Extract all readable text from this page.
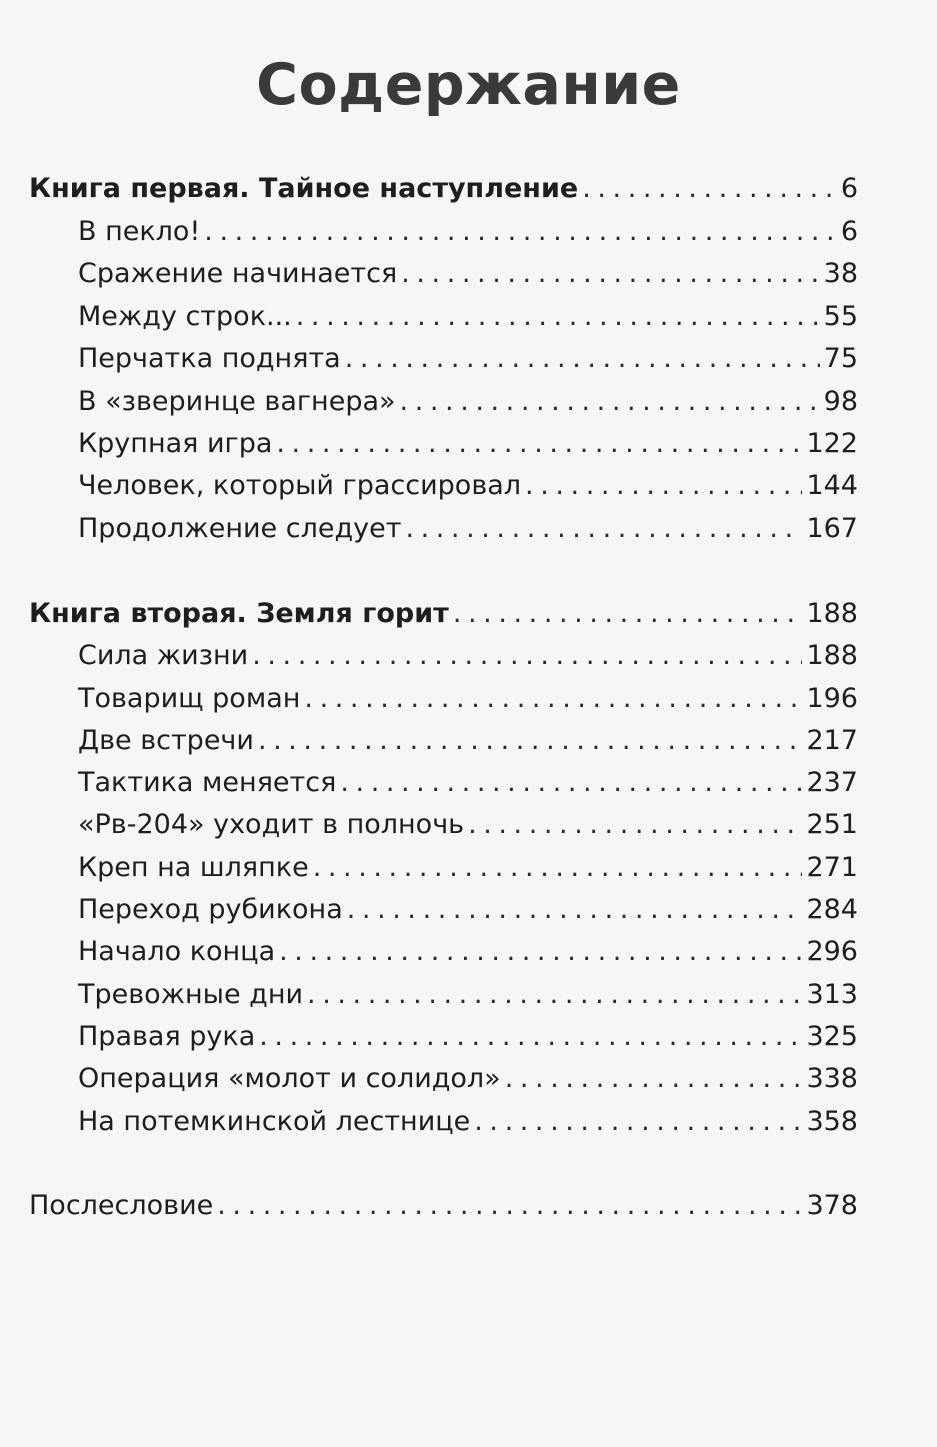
Содержание
Книга первая. Тайное наступление . . .	6
В пекло! . . .	6
Сражение начинается . . .	38
Между строк... . . .	55
Перчатка поднята . . .	75
В «зверинце вагнера» . . .	98
Крупная игра . . .	122
Человек, который грассировал . . .	144
Продолжение следует . . .	167
Книга вторая. Земля горит . . .	188
Сила жизни . . .	188
Товарищ роман . . .	196
Две встречи . . .	217
Тактика меняется . . .	237
«Рв-204» уходит в полночь . . .	251
Креп на шляпке . . .	271
Переход рубикона . . .	284
Начало конца . . .	296
Тревожные дни . . .	313
Правая рука . . .	325
Операция «молот и солидол» . . .	338
На потемкинской лестнице . . .	358
Послесловие . . .	378
